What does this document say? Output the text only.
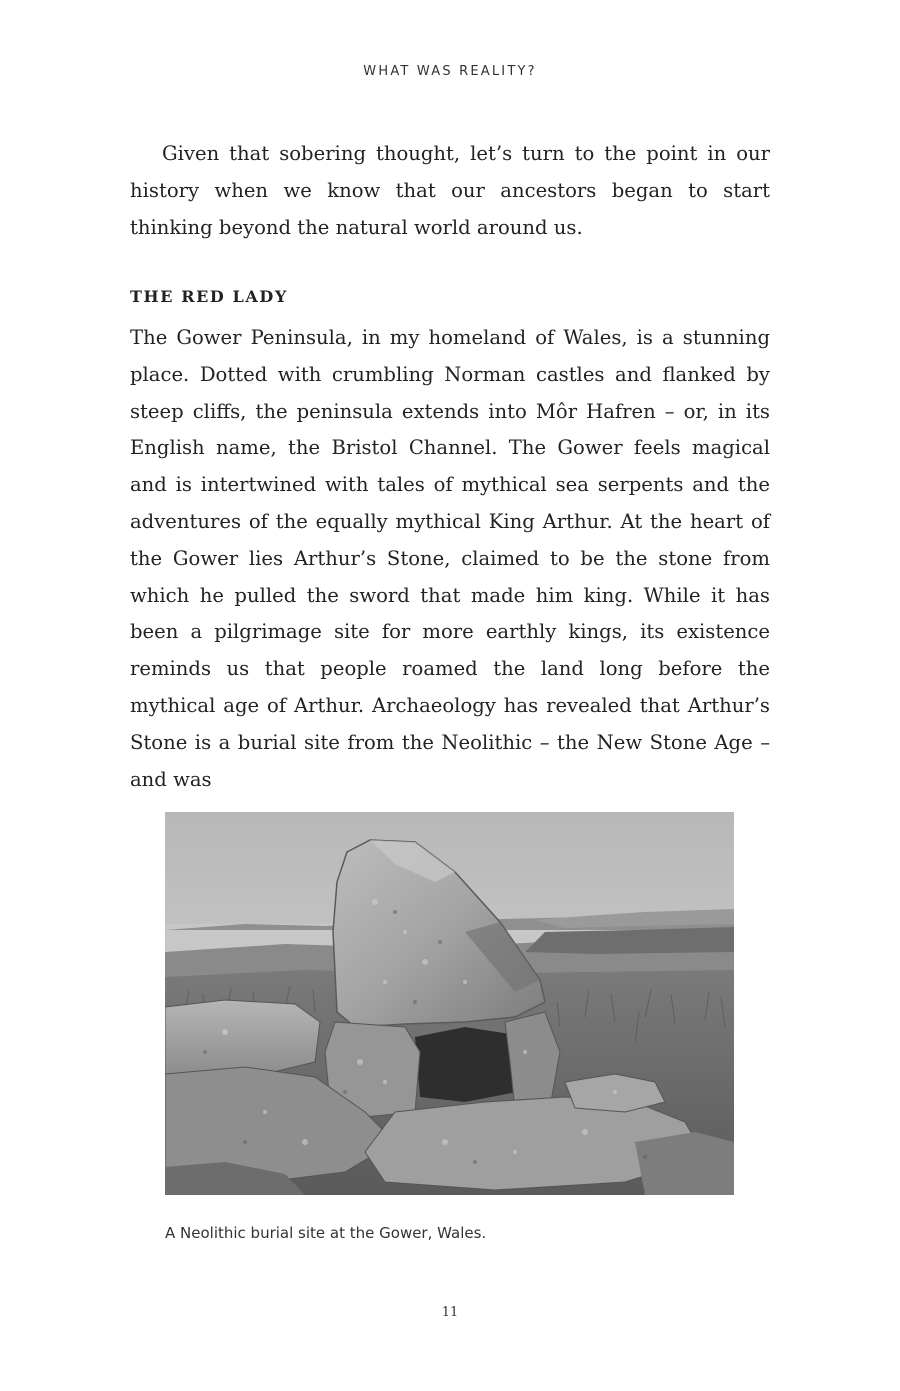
WHAT WAS REALITY?

Given that sobering thought, let’s turn to the point in our history when we know that our ancestors began to start thinking beyond the natural world around us.

THE RED LADY

The Gower Peninsula, in my homeland of Wales, is a stunning place. Dotted with crumbling Norman castles and flanked by steep cliffs, the peninsula extends into Môr Hafren – or, in its English name, the Bristol Channel. The Gower feels magical and is intertwined with tales of mythical sea serpents and the adventures of the equally mythical King Arthur. At the heart of the Gower lies Arthur’s Stone, claimed to be the stone from which he pulled the sword that made him king. While it has been a pilgrimage site for more earthly kings, its existence reminds us that people roamed the land long before the mythical age of Arthur. Archaeology has revealed that Arthur’s Stone is a burial site from the Neolithic – the New Stone Age – and was

A Neolithic burial site at the Gower, Wales.
11
